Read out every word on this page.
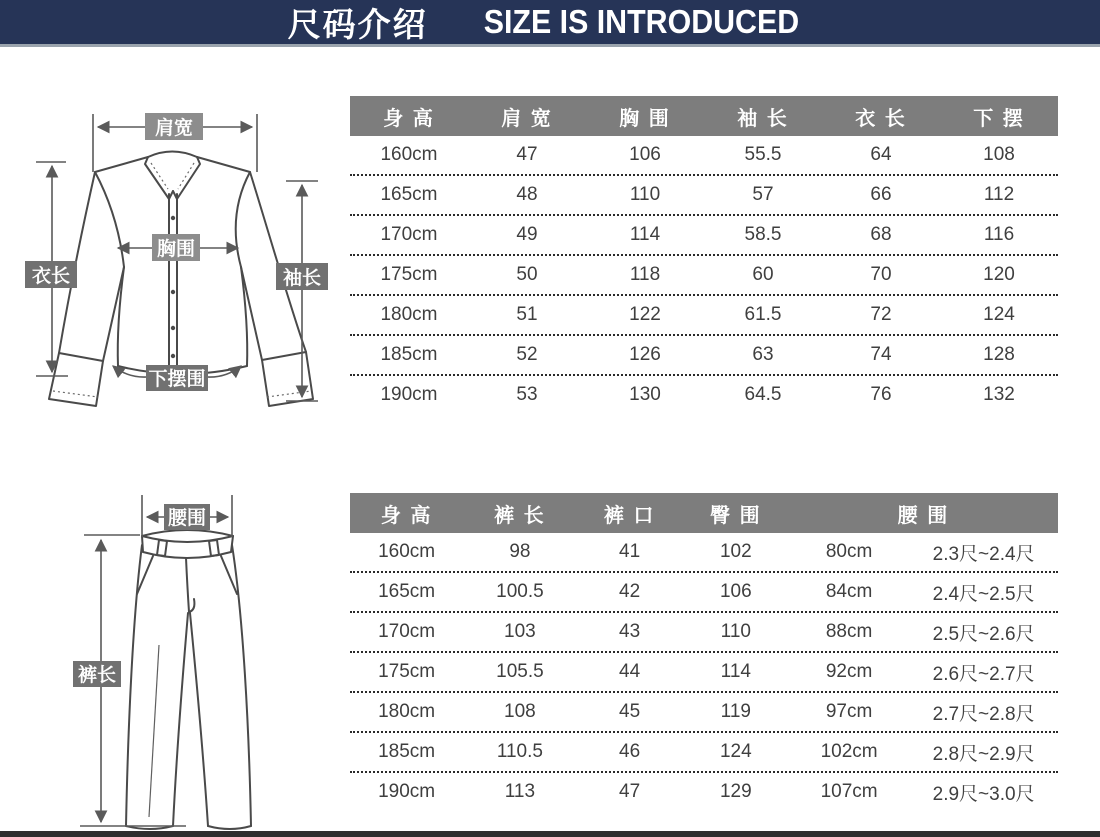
尺码介绍 SIZE IS INTRODUCED
肩宽
胸围
衣长	袖长
下摆围
身 高	肩 宽	胸 围	袖 长	衣 长	下 摆
160cm	47	106	55.5	64	108
165cm	48	110	57	66	112
170cm	49	114	58.5	68	116
175cm	50	118	60	70	120
180cm	51	122	61.5	72	124
185cm	52	126	63	74	128
190cm	53	130	64.5	76	132
腰围
裤长
身 高	裤 长	裤 口	臀 围	腰 围
160cm	98	41	102	80cm	2.3尺~2.4尺
165cm	100.5	42	106	84cm	2.4尺~2.5尺
170cm	103	43	110	88cm	2.5尺~2.6尺
175cm	105.5	44	114	92cm	2.6尺~2.7尺
180cm	108	45	119	97cm	2.7尺~2.8尺
185cm	110.5	46	124	102cm	2.8尺~2.9尺
190cm	113	47	129	107cm	2.9尺~3.0尺
